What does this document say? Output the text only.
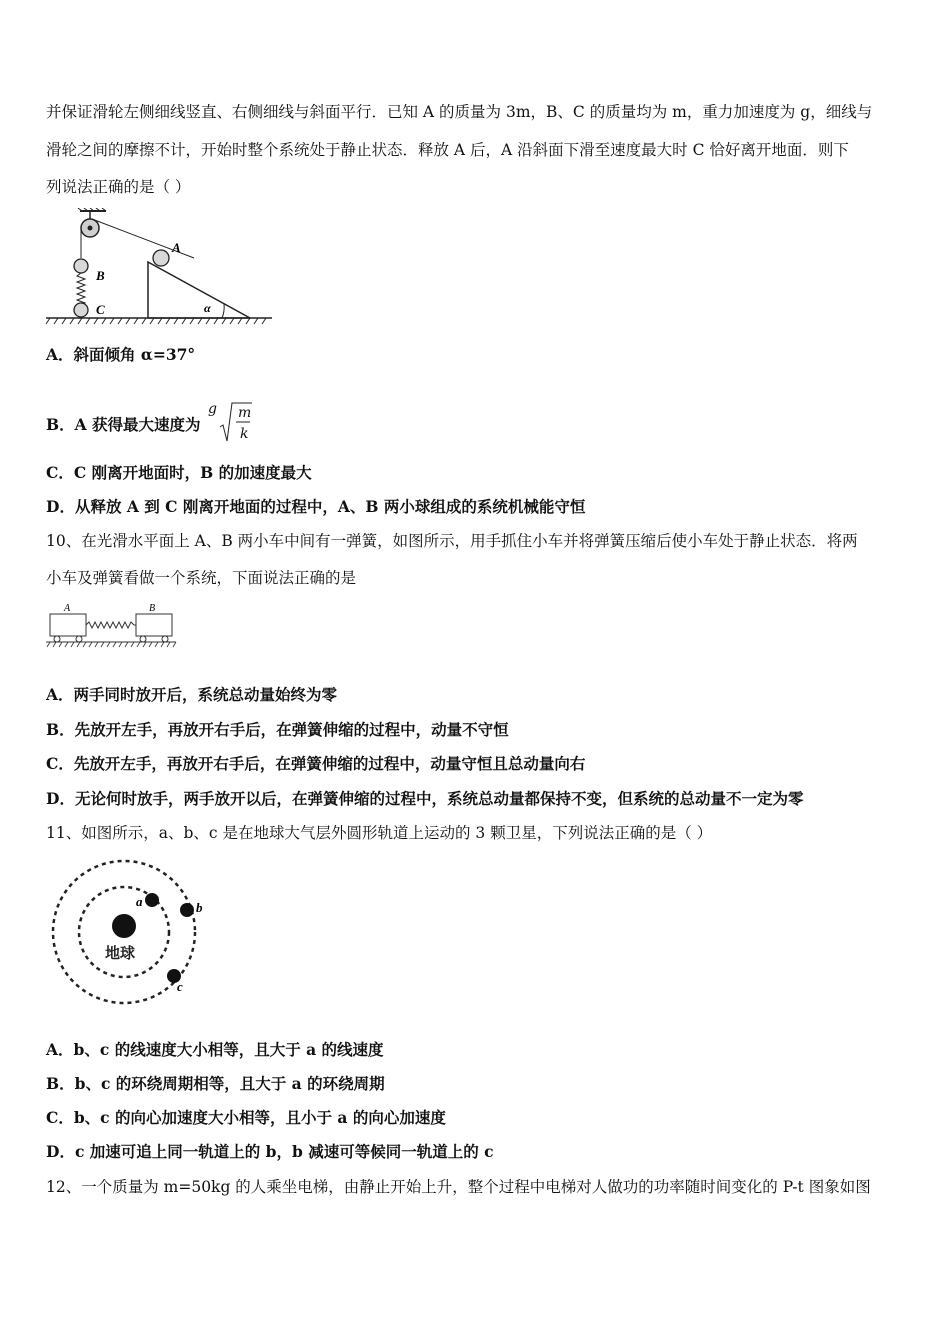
并保证滑轮左侧细线竖直、右侧细线与斜面平行．已知 A 的质量为 3m，B、C 的质量均为 m，重力加速度为 g，细线与
滑轮之间的摩擦不计，开始时整个系统处于静止状态．释放 A 后，A 沿斜面下滑至速度最大时 C 恰好离开地面．则下
列说法正确的是（ ）
A
B
C	α
A．斜面倾角 α=37°
B．A 获得最大速度为
g m
k
C．C 刚离开地面时，B 的加速度最大
D．从释放 A 到 C 刚离开地面的过程中，A、B 两小球组成的系统机械能守恒
10、在光滑水平面上 A、B 两小车中间有一弹簧，如图所示，用手抓住小车并将弹簧压缩后使小车处于静止状态．将两
小车及弹簧看做一个系统，下面说法正确的是
A	B
A．两手同时放开后，系统总动量始终为零
B．先放开左手，再放开右手后，在弹簧伸缩的过程中，动量不守恒
C．先放开左手，再放开右手后，在弹簧伸缩的过程中，动量守恒且总动量向右
D．无论何时放手，两手放开以后，在弹簧伸缩的过程中，系统总动量都保持不变，但系统的总动量不一定为零
11、如图所示，a、b、c 是在地球大气层外圆形轨道上运动的 3 颗卫星，下列说法正确的是（ ）
地球
a	b
c
A．b、c 的线速度大小相等，且大于 a 的线速度
B．b、c 的环绕周期相等，且大于 a 的环绕周期
C．b、c 的向心加速度大小相等，且小于 a 的向心加速度
D．c 加速可追上同一轨道上的 b，b 减速可等候同一轨道上的 c
12、一个质量为 m=50kg 的人乘坐电梯，由静止开始上升，整个过程中电梯对人做功的功率随时间变化的 P-t 图象如图
